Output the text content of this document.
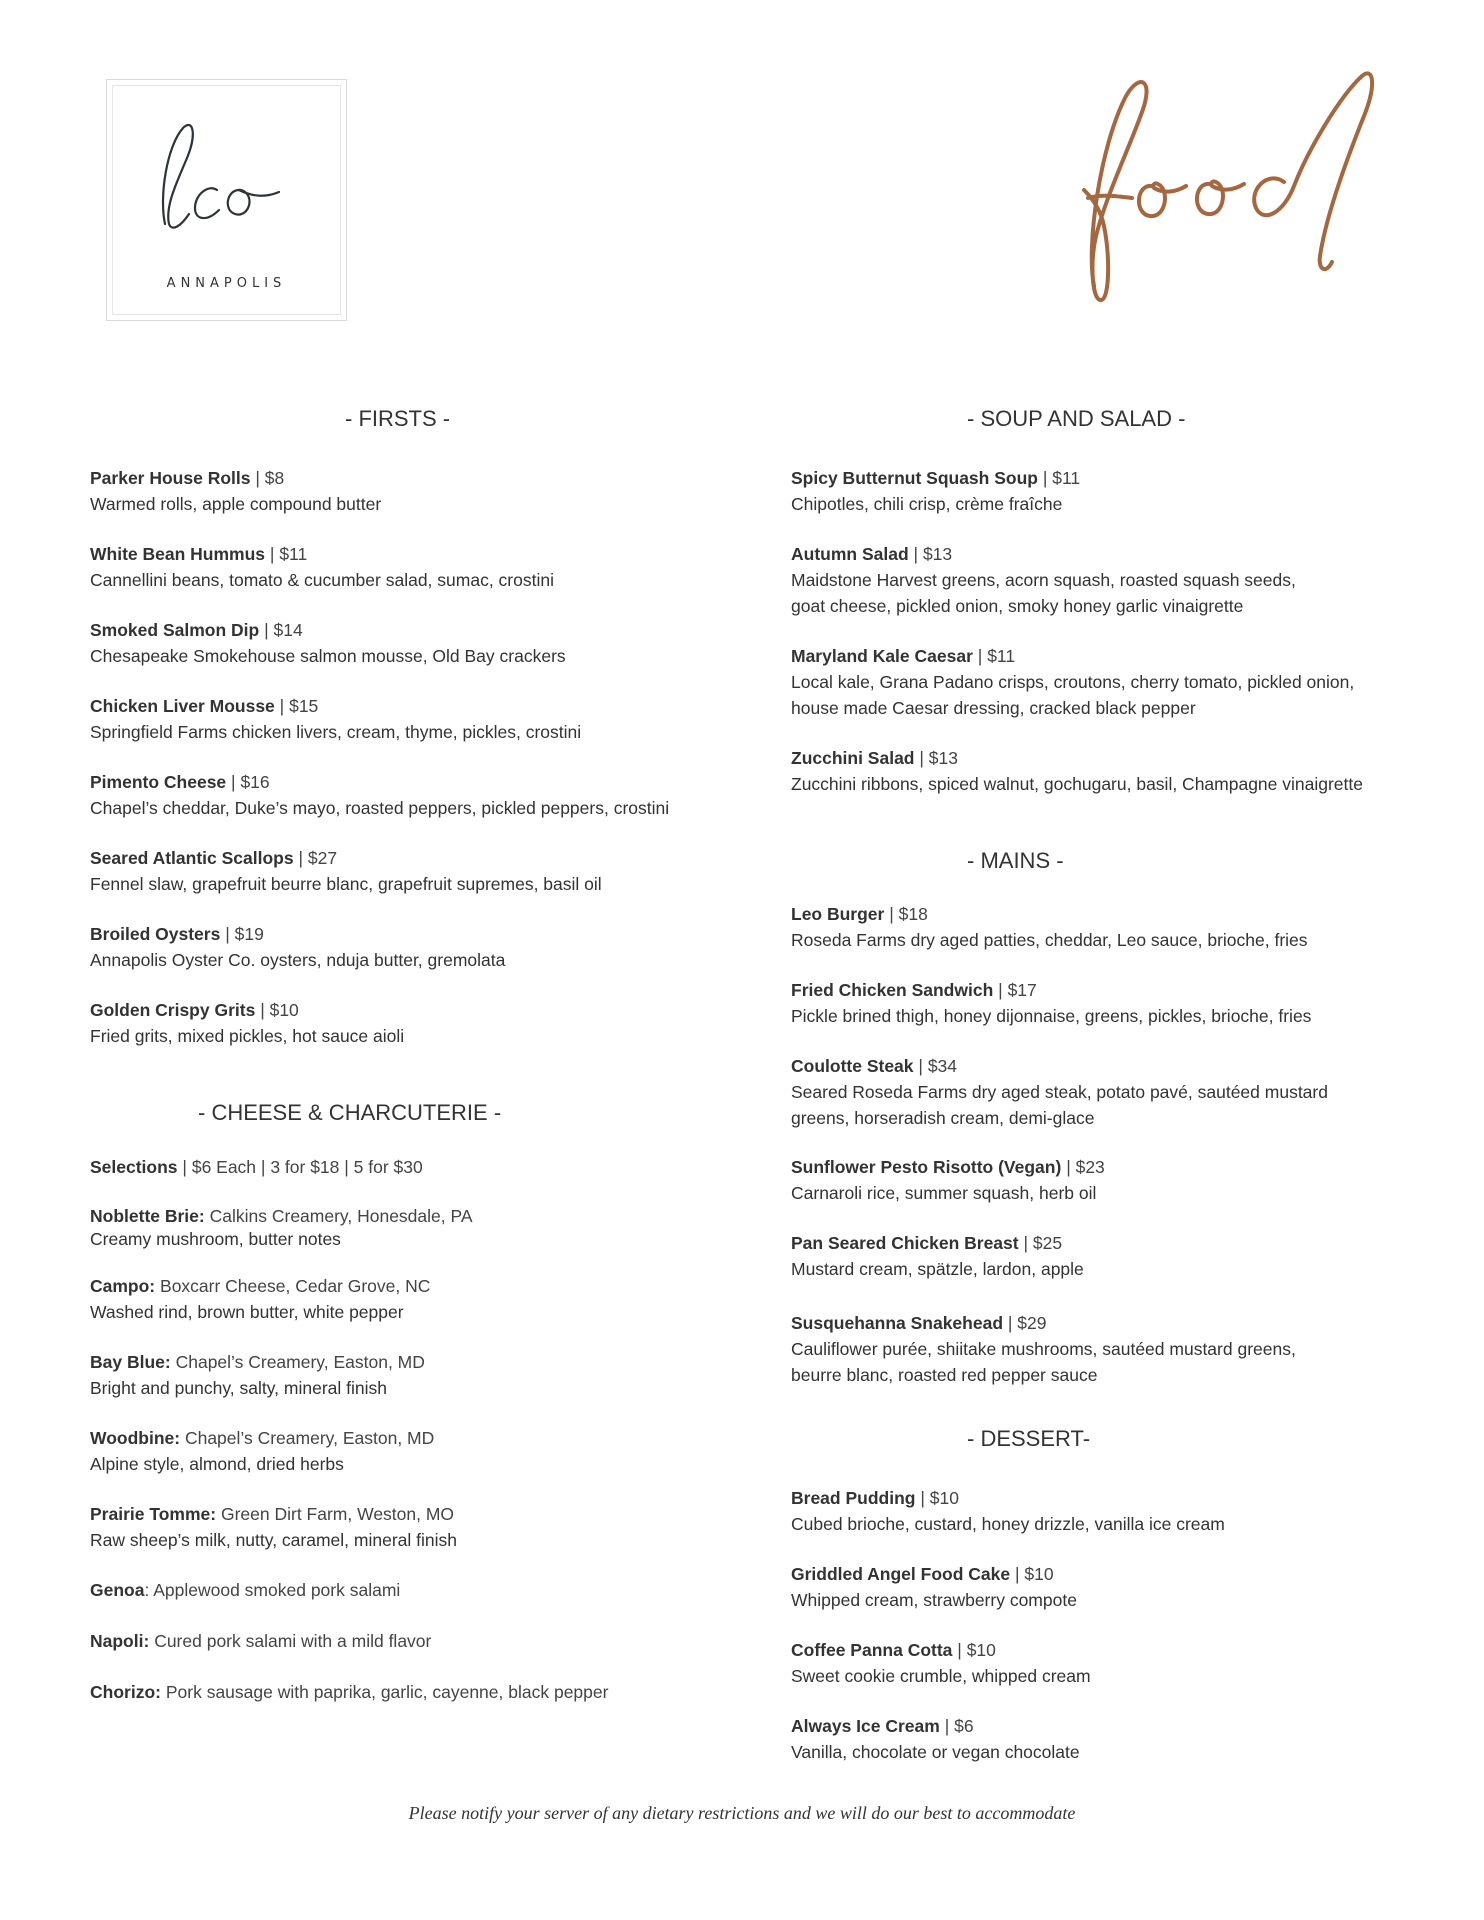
ANNAPOLIS
- FIRSTS -
Parker House Rolls | $8
Warmed rolls, apple compound butter
White Bean Hummus | $11
Cannellini beans, tomato & cucumber salad, sumac, crostini
Smoked Salmon Dip | $14
Chesapeake Smokehouse salmon mousse, Old Bay crackers
Chicken Liver Mousse | $15
Springfield Farms chicken livers, cream, thyme, pickles, crostini
Pimento Cheese | $16
Chapel’s cheddar, Duke’s mayo, roasted peppers, pickled peppers, crostini
Seared Atlantic Scallops | $27
Fennel slaw, grapefruit beurre blanc, grapefruit supremes, basil oil
Broiled Oysters | $19
Annapolis Oyster Co. oysters, nduja butter, gremolata
Golden Crispy Grits | $10
Fried grits, mixed pickles, hot sauce aioli
- CHEESE & CHARCUTERIE -
Selections | $6 Each | 3 for $18 | 5 for $30
Noblette Brie: Calkins Creamery, Honesdale, PA
Creamy mushroom, butter notes
Campo: Boxcarr Cheese, Cedar Grove, NC
Washed rind, brown butter, white pepper
Bay Blue: Chapel’s Creamery, Easton, MD
Bright and punchy, salty, mineral finish
Woodbine: Chapel’s Creamery, Easton, MD
Alpine style, almond, dried herbs
Prairie Tomme: Green Dirt Farm, Weston, MO
Raw sheep’s milk, nutty, caramel, mineral finish
Genoa: Applewood smoked pork salami
Napoli: Cured pork salami with a mild flavor
Chorizo: Pork sausage with paprika, garlic, cayenne, black pepper
- SOUP AND SALAD -
Spicy Butternut Squash Soup | $11
Chipotles, chili crisp, crème fraîche
Autumn Salad | $13
Maidstone Harvest greens, acorn squash, roasted squash seeds,
goat cheese, pickled onion, smoky honey garlic vinaigrette
Maryland Kale Caesar | $11
Local kale, Grana Padano crisps, croutons, cherry tomato, pickled onion,
house made Caesar dressing, cracked black pepper
Zucchini Salad | $13
Zucchini ribbons, spiced walnut, gochugaru, basil, Champagne vinaigrette
- MAINS -
Leo Burger | $18
Roseda Farms dry aged patties, cheddar, Leo sauce, brioche, fries
Fried Chicken Sandwich | $17
Pickle brined thigh, honey dijonnaise, greens, pickles, brioche, fries
Coulotte Steak | $34
Seared Roseda Farms dry aged steak, potato pavé, sautéed mustard
greens, horseradish cream, demi-glace
Sunflower Pesto Risotto (Vegan) | $23
Carnaroli rice, summer squash, herb oil
Pan Seared Chicken Breast | $25
Mustard cream, spätzle, lardon, apple
Susquehanna Snakehead | $29
Cauliflower purée, shiitake mushrooms, sautéed mustard greens,
beurre blanc, roasted red pepper sauce
- DESSERT-
Bread Pudding | $10
Cubed brioche, custard, honey drizzle, vanilla ice cream
Griddled Angel Food Cake | $10
Whipped cream, strawberry compote
Coffee Panna Cotta | $10
Sweet cookie crumble, whipped cream
Always Ice Cream | $6
Vanilla, chocolate or vegan chocolate
Please notify your server of any dietary restrictions and we will do our best to accommodate
